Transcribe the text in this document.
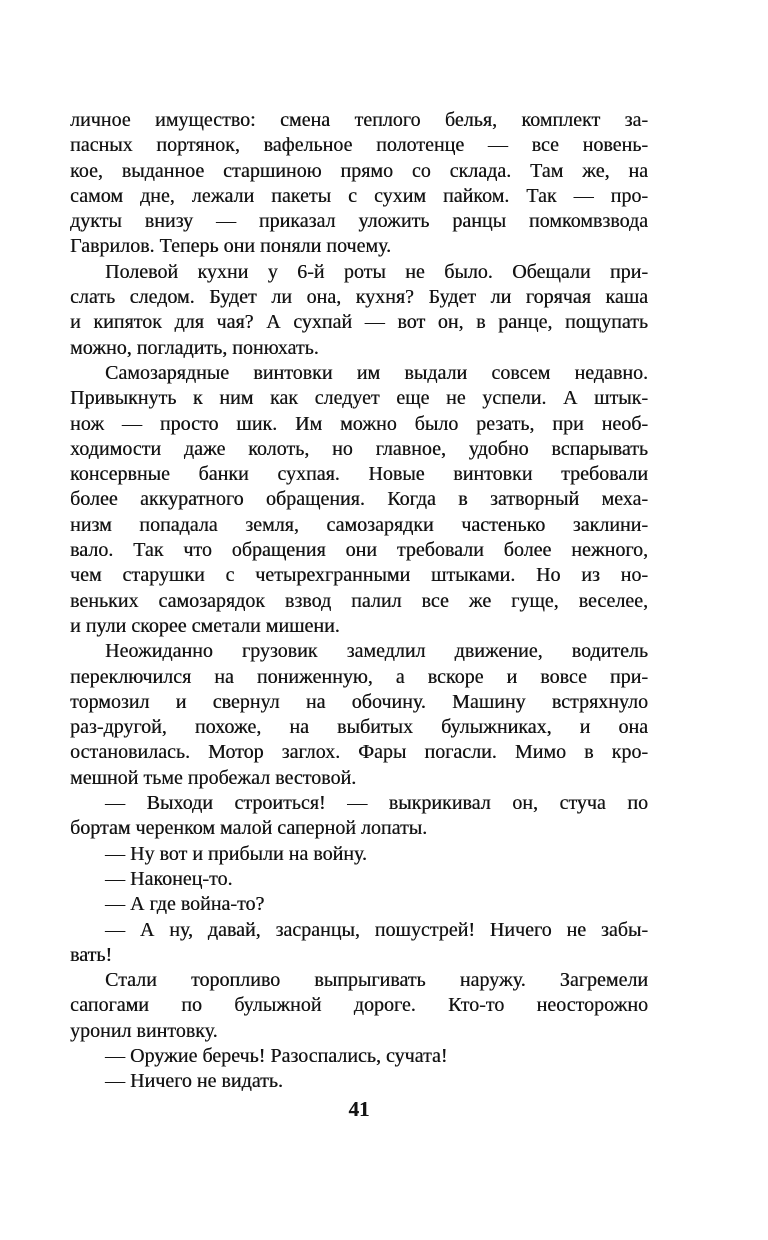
личное имущество: смена теплого белья, комплект за-
пасных портянок, вафельное полотенце — все новень-
кое, выданное старшиною прямо со склада. Там же, на
самом дне, лежали пакеты с сухим пайком. Так — про-
дукты внизу — приказал уложить ранцы помкомвзвода
Гаврилов. Теперь они поняли почему.
Полевой кухни у 6-й роты не было. Обещали при-
слать следом. Будет ли она, кухня? Будет ли горячая каша
и кипяток для чая? А сухпай — вот он, в ранце, пощупать
можно, погладить, понюхать.
Самозарядные винтовки им выдали совсем недавно.
Привыкнуть к ним как следует еще не успели. А штык-
нож — просто шик. Им можно было резать, при необ-
ходимости даже колоть, но главное, удобно вспарывать
консервные банки сухпая. Новые винтовки требовали
более аккуратного обращения. Когда в затворный меха-
низм попадала земля, самозарядки частенько заклини-
вало. Так что обращения они требовали более нежного,
чем старушки с четырехгранными штыками. Но из но-
веньких самозарядок взвод палил все же гуще, веселее,
и пули скорее сметали мишени.
Неожиданно грузовик замедлил движение, водитель
переключился на пониженную, а вскоре и вовсе при-
тормозил и свернул на обочину. Машину встряхнуло
раз-другой, похоже, на выбитых булыжниках, и она
остановилась. Мотор заглох. Фары погасли. Мимо в кро-
мешной тьме пробежал вестовой.
— Выходи строиться! — выкрикивал он, стуча по
бортам черенком малой саперной лопаты.
— Ну вот и прибыли на войну.
— Наконец-то.
— А где война-то?
— А ну, давай, засранцы, пошустрей! Ничего не забы-
вать!
Стали торопливо выпрыгивать наружу. Загремели
сапогами по булыжной дороге. Кто-то неосторожно
уронил винтовку.
— Оружие беречь! Разоспались, сучата!
— Ничего не видать.
41
